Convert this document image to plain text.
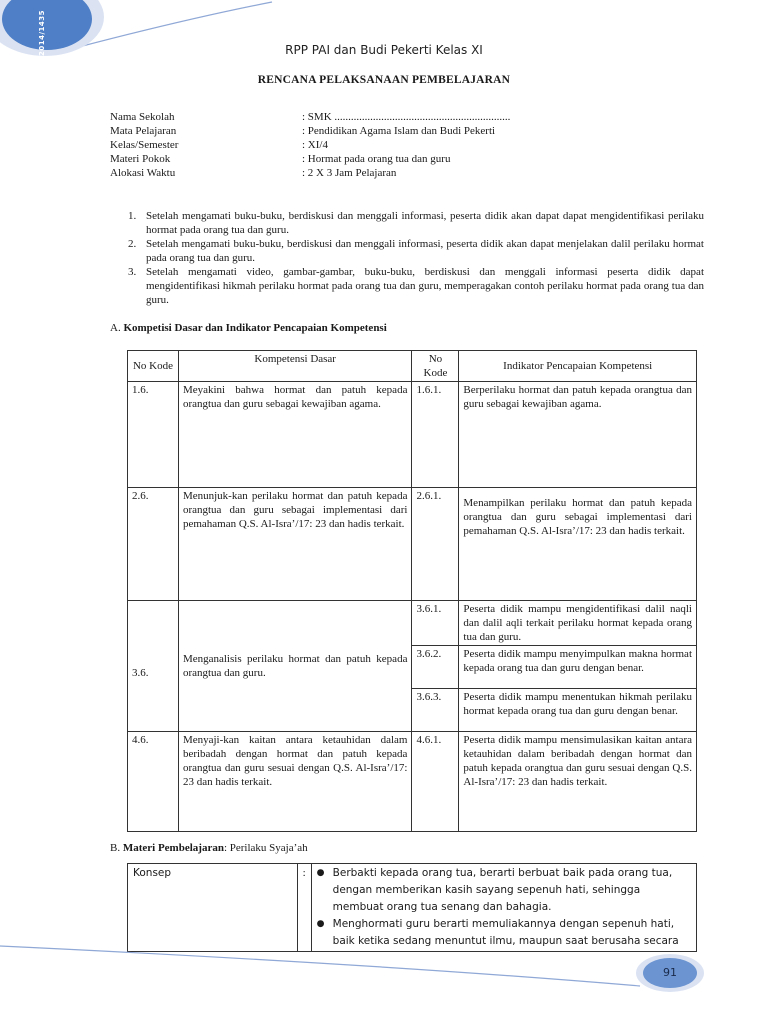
2014/1435	RPP PAI dan Budi Pekerti Kelas XI
RENCANA PELAKSANAAN PEMBELAJARAN
Nama Sekolah	: SMK ................................................................
Mata Pelajaran	: Pendidikan Agama Islam dan Budi Pekerti
Kelas/Semester	: XI/4
Materi Pokok	: Hormat pada orang tua dan guru
Alokasi Waktu	: 2 X 3 Jam Pelajaran
1. Setelah mengamati buku-buku, berdiskusi dan menggali informasi, peserta didik akan dapat dapat mengidentifikasi perilaku hormat pada orang tua dan guru.
2. Setelah mengamati buku-buku, berdiskusi dan menggali informasi, peserta didik akan dapat menjelakan dalil perilaku hormat pada orang tua dan guru.
3. Setelah mengamati video, gambar-gambar, buku-buku, berdiskusi dan menggali informasi peserta didik dapat mengidentifikasi hikmah perilaku hormat pada orang tua dan guru, memperagakan contoh perilaku hormat pada orang tua dan guru.
A. Kompetisi Dasar dan Indikator Pencapaian Kompetensi
No Kode	Kompetensi Dasar	No Kode	Indikator Pencapaian Kompetensi
1.6.	Meyakini bahwa hormat dan patuh kepada orangtua dan guru sebagai kewajiban agama.	1.6.1.	Berperilaku hormat dan patuh kepada orangtua dan guru sebagai kewajiban agama.
2.6.	Menunjuk-kan perilaku hormat dan patuh kepada orangtua dan guru sebagai implementasi dari pemahaman Q.S. Al-Isra’/17: 23 dan hadis terkait.	2.6.1.	Menampilkan perilaku hormat dan patuh kepada orangtua dan guru sebagai implementasi dari pemahaman Q.S. Al-Isra’/17: 23 dan hadis terkait.
3.6.	Menganalisis perilaku hormat dan patuh kepada orangtua dan guru.	3.6.1.	Peserta didik mampu mengidentifikasi dalil naqli dan dalil aqli terkait perilaku hormat kepada orang tua dan guru.
		3.6.2.	Peserta didik mampu menyimpulkan makna hormat kepada orang tua dan guru dengan benar.
		3.6.3.	Peserta didik mampu menentukan hikmah perilaku hormat kepada orang tua dan guru dengan benar.
4.6.	Menyaji-kan kaitan antara ketauhidan dalam beribadah dengan hormat dan patuh kepada orangtua dan guru sesuai dengan Q.S. Al-Isra’/17: 23 dan hadis terkait.	4.6.1.	Peserta didik mampu mensimulasikan kaitan antara ketauhidan dalam beribadah dengan hormat dan patuh kepada orangtua dan guru sesuai dengan Q.S. Al-Isra’/17: 23 dan hadis terkait.
B. Materi Pembelajaran: Perilaku Syaja’ah
Konsep	:	● Berbakti kepada orang tua, berarti berbuat baik pada orang tua, dengan memberikan kasih sayang sepenuh hati, sehingga membuat orang tua senang dan bahagia.
● Menghormati guru berarti memuliakannya dengan sepenuh hati, baik ketika sedang menuntut ilmu, maupun saat berusaha secara
91
